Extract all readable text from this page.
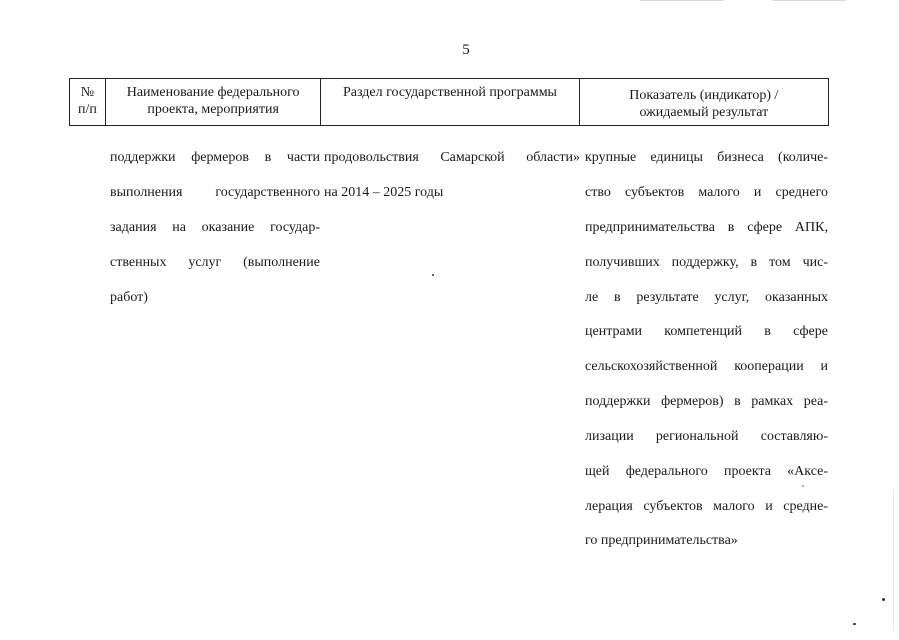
5
№ п/п
Наименование федерального проекта, мероприятия
Раздел государственной программы	Показатель (индикатор) / ожидаемый результат

поддержки фермеров в части

выполнения государственного

задания на оказание государ-

ственных услуг (выполнение

работ)

продовольствия Самарской области»

на 2014 – 2025 годы

крупные единицы бизнеса (количе-

ство субъектов малого и среднего

предпринимательства в сфере АПК,

получивших поддержку, в том чис-

ле в результате услуг, оказанных

центрами компетенций в сфере

сельскохозяйственной кооперации и

поддержки фермеров) в рамках реа-

лизации региональной составляю-

щей федерального проекта «Аксе-

лерация субъектов малого и средне-

го предпринимательства»
